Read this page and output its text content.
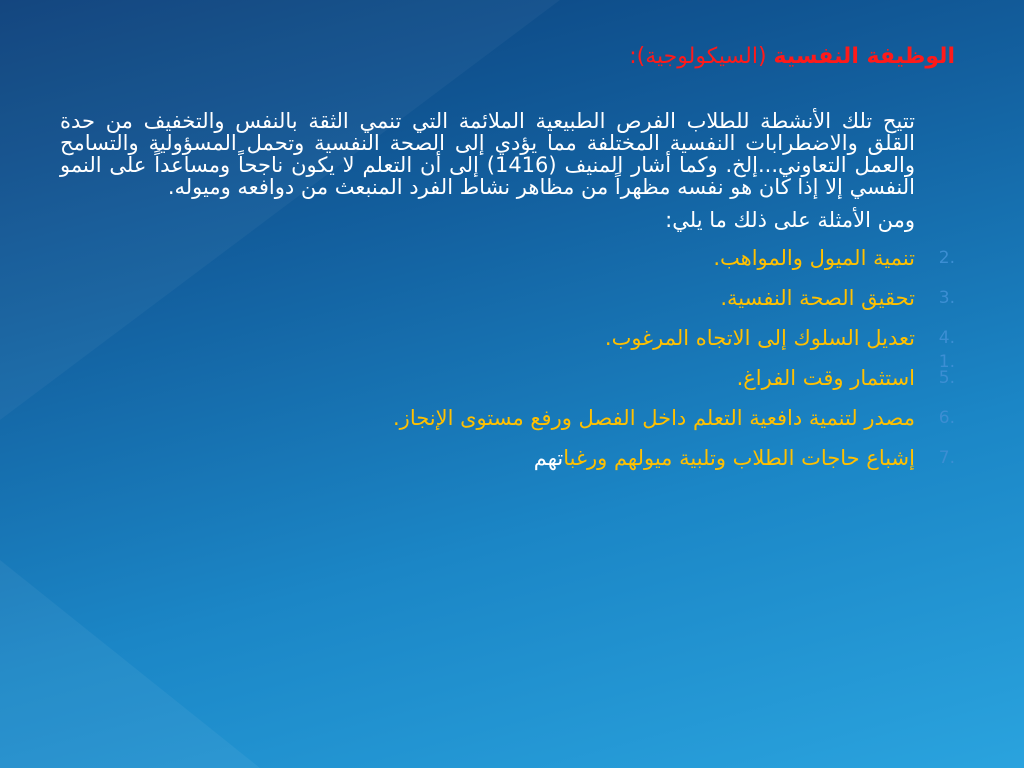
الوظيفة النفسية (السيكولوجية):

تتيح تلك الأنشطة للطلاب الفرص الطبيعية الملائمة التي تنمي الثقة بالنفس والتخفيف من حدة القلق والاضطرابات النفسية المختلفة مما يؤدي إلى الصحة النفسية وتحمل المسؤولية والتسامح والعمل التعاوني...إلخ. وكما أشار المنيف (1416) إلى أن التعلم لا يكون ناجحاً ومساعداً على النمو النفسي إلا إذا كان هو نفسه مظهراً من مظاهر نشاط الفرد المنبعث من دوافعه وميوله.

ومن الأمثلة على ذلك ما يلي:

2.
تنمية الميول والمواهب.
3.
تحقيق الصحة النفسية.
4.
تعديل السلوك إلى الاتجاه المرغوب.
5.
استثمار وقت الفراغ.
6.
مصدر لتنمية دافعية التعلم داخل الفصل ورفع مستوى الإنجاز.
7.
إشباع حاجات الطلاب وتلبية ميولهم ورغباتهم
1.
